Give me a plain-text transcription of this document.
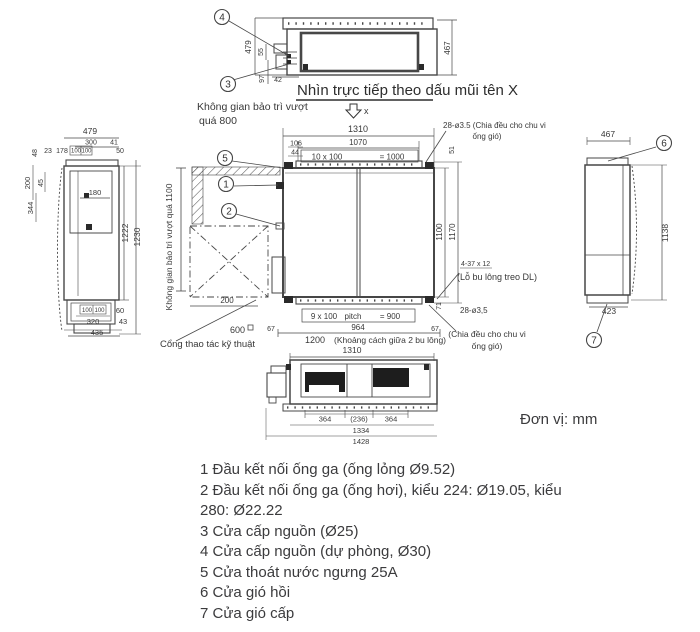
4
3
479 55
97 42
467
Nhìn trực tiếp theo dấu mũi tên X
x
479
300 41
23 178 100 100	50
48
200 45
344
180
1222 1230
100 100 60
320	43
435
5
1
2
Không gian bảo trì vượt
quá 800
Không gian bảo trì vượt quá 1100
Cổng thao tác kỹ thuật
1310
1070
10 x 100	= 1000
106
44	51
28-ø3.5 (Chia đều cho chu vi
ống gió)
1100 1170
4-37 x 12
(Lỗ bu lông treo DL)
71 28-ø3,5
(Chia đều cho chu vi
ống gió)
9 x 100 pitch = 900
964
67	67
1200 (Khoảng cách giữa 2 bu lông)
200
600
1310
364	(236) 364
1334
1428
6
7
467
1138
423
Đơn vị: mm
1 Đầu kết nối ống ga (ống lỏng Ø9.52)
2 Đầu kết nối ống ga (ống hơi), kiểu 224: Ø19.05, kiểu
280: Ø22.22
3 Cửa cấp nguồn (Ø25)
4 Cửa cấp nguồn (dự phòng, Ø30)
5 Cửa thoát nước ngưng 25A
6 Cửa gió hồi
7 Cửa gió cấp
